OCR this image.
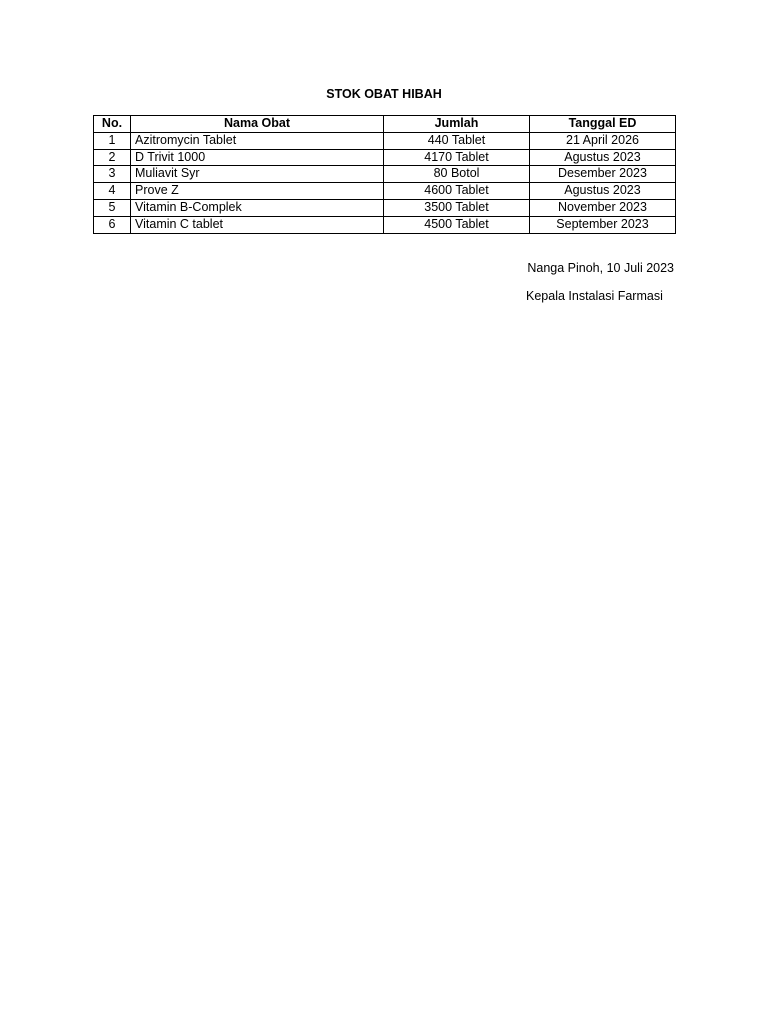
STOK OBAT HIBAH
No.	Nama Obat	Jumlah	Tanggal ED
1	Azitromycin Tablet	440 Tablet	21 April 2026
2	D Trivit 1000	4170 Tablet	Agustus 2023
3	Muliavit Syr	80 Botol	Desember 2023
4	Prove Z	4600 Tablet	Agustus 2023
5	Vitamin B-Complek	3500 Tablet	November 2023
6	Vitamin C tablet	4500 Tablet	September 2023
Nanga Pinoh, 10 Juli 2023
Kepala Instalasi Farmasi
